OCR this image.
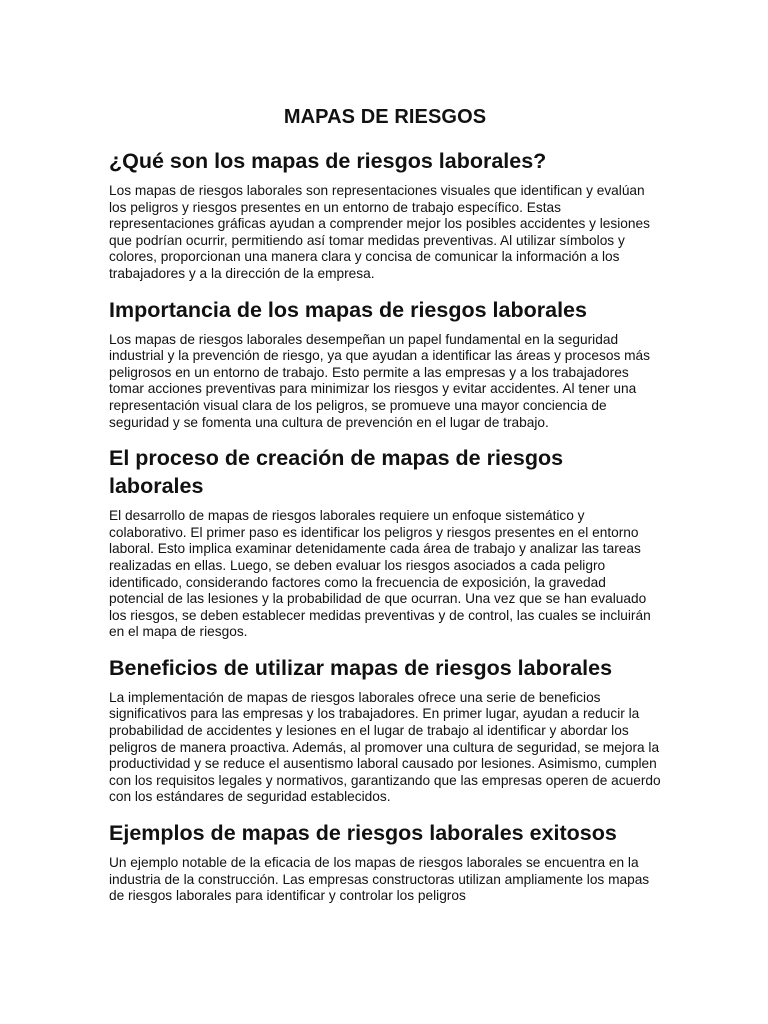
MAPAS DE RIESGOS
¿Qué son los mapas de riesgos laborales?

Los mapas de riesgos laborales son representaciones visuales que identifican y evalúan los peligros y riesgos presentes en un entorno de trabajo específico. Estas representaciones gráficas ayudan a comprender mejor los posibles accidentes y lesiones que podrían ocurrir, permitiendo así tomar medidas preventivas. Al utilizar símbolos y colores, proporcionan una manera clara y concisa de comunicar la información a los trabajadores y a la dirección de la empresa.

Importancia de los mapas de riesgos laborales

Los mapas de riesgos laborales desempeñan un papel fundamental en la seguridad industrial y la prevención de riesgo, ya que ayudan a identificar las áreas y procesos más peligrosos en un entorno de trabajo. Esto permite a las empresas y a los trabajadores tomar acciones preventivas para minimizar los riesgos y evitar accidentes. Al tener una representación visual clara de los peligros, se promueve una mayor conciencia de seguridad y se fomenta una cultura de prevención en el lugar de trabajo.

El proceso de creación de mapas de riesgos laborales

El desarrollo de mapas de riesgos laborales requiere un enfoque sistemático y colaborativo. El primer paso es identificar los peligros y riesgos presentes en el entorno laboral. Esto implica examinar detenidamente cada área de trabajo y analizar las tareas realizadas en ellas. Luego, se deben evaluar los riesgos asociados a cada peligro identificado, considerando factores como la frecuencia de exposición, la gravedad potencial de las lesiones y la probabilidad de que ocurran. Una vez que se han evaluado los riesgos, se deben establecer medidas preventivas y de control, las cuales se incluirán en el mapa de riesgos.

Beneficios de utilizar mapas de riesgos laborales

La implementación de mapas de riesgos laborales ofrece una serie de beneficios significativos para las empresas y los trabajadores. En primer lugar, ayudan a reducir la probabilidad de accidentes y lesiones en el lugar de trabajo al identificar y abordar los peligros de manera proactiva. Además, al promover una cultura de seguridad, se mejora la productividad y se reduce el ausentismo laboral causado por lesiones. Asimismo, cumplen con los requisitos legales y normativos, garantizando que las empresas operen de acuerdo con los estándares de seguridad establecidos.

Ejemplos de mapas de riesgos laborales exitosos

Un ejemplo notable de la eficacia de los mapas de riesgos laborales se encuentra en la industria de la construcción. Las empresas constructoras utilizan ampliamente los mapas de riesgos laborales para identificar y controlar los peligros
